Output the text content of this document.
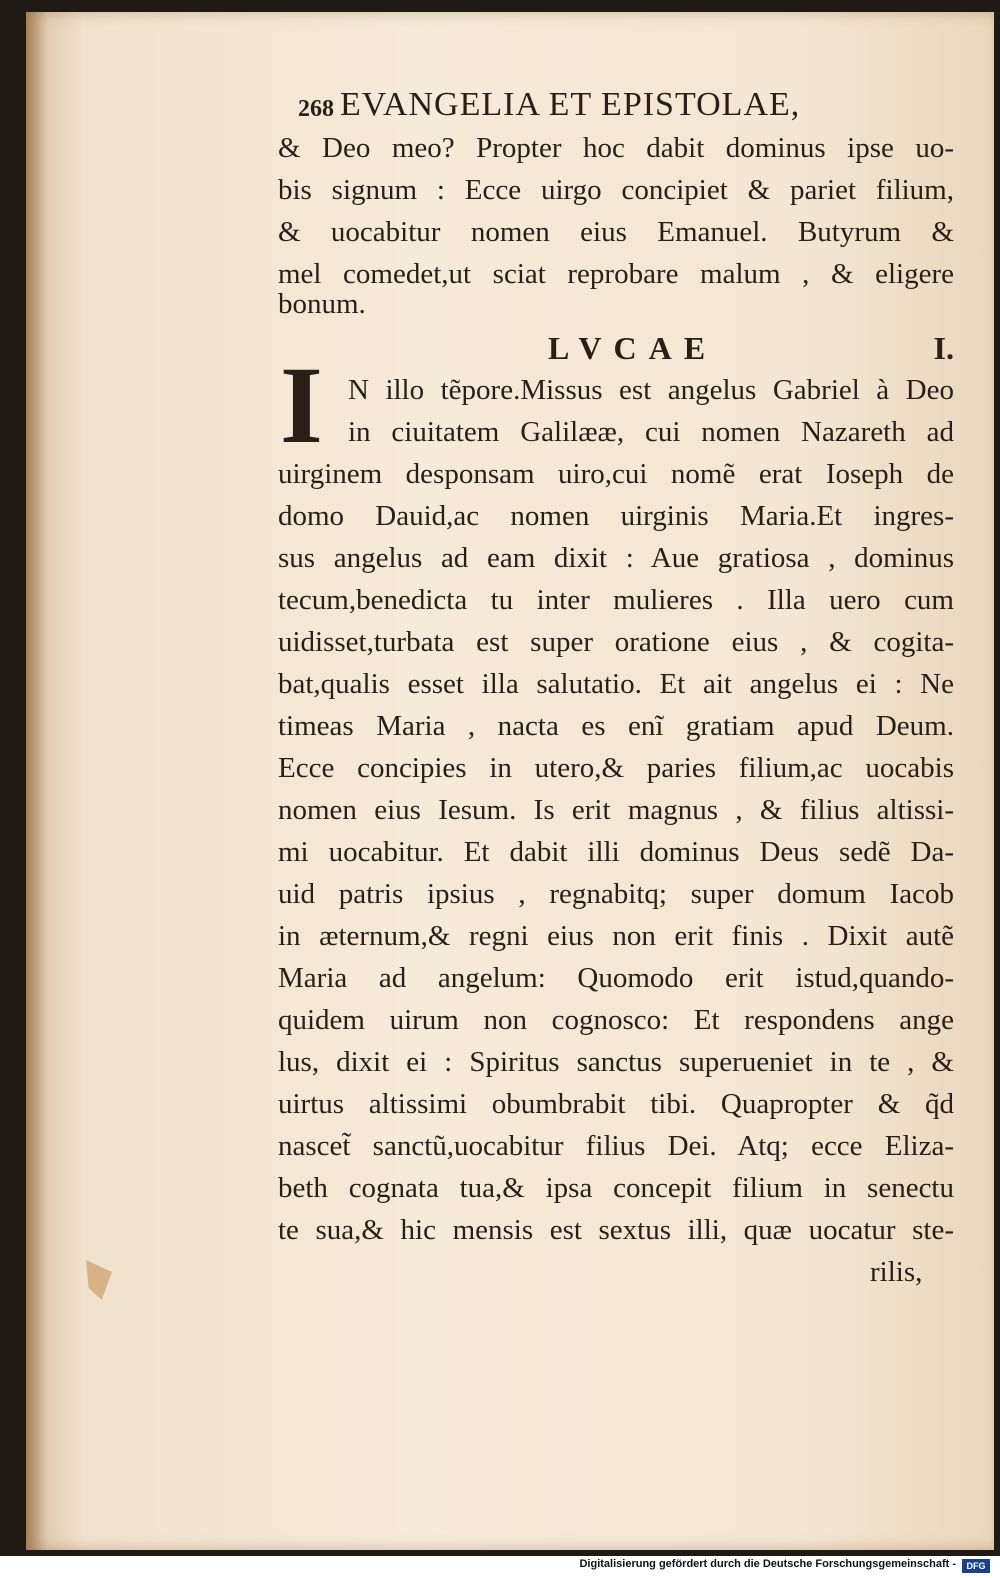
268 EVANGELIA ET EPISTOLAE,
& Deo meo? Propter hoc dabit dominus ipse uo-
bis signum : Ecce uirgo concipiet & pariet filium,
& uocabitur nomen eius Emanuel. Butyrum &
mel comedet,ut sciat reprobare malum , & eligere
bonum.
LVCAE	I.
I N illo tẽpore.Missus est angelus Gabriel à Deo
in ciuitatem Galilææ, cui nomen Nazareth ad
uirginem desponsam uiro,cui nomẽ erat Ioseph de
domo Dauid,ac nomen uirginis Maria.Et ingres-
sus angelus ad eam dixit : Aue gratiosa , dominus
tecum,benedicta tu inter mulieres . Illa uero cum
uidisset,turbata est super oratione eius , & cogita-
bat,qualis esset illa salutatio. Et ait angelus ei : Ne
timeas Maria , nacta es enĩ gratiam apud Deum.
Ecce concipies in utero,& paries filium,ac uocabis
nomen eius Iesum. Is erit magnus , & filius altissi-
mi uocabitur. Et dabit illi dominus Deus sedẽ Da-
uid patris ipsius , regnabitq; super domum Iacob
in æternum,& regni eius non erit finis . Dixit autẽ
Maria ad angelum: Quomodo erit istud,quando-
quidem uirum non cognosco: Et respondens ange
lus, dixit ei : Spiritus sanctus superueniet in te , &
uirtus altissimi obumbrabit tibi. Quapropter & q̃d
nascet̃ sanctũ,uocabitur filius Dei. Atq; ecce Eliza-
beth cognata tua,& ipsa concepit filium in senectu
te sua,& hic mensis est sextus illi, quæ uocatur ste-
rilis,
Digitalisierung gefördert durch die Deutsche Forschungsgemeinschaft -	DFG
